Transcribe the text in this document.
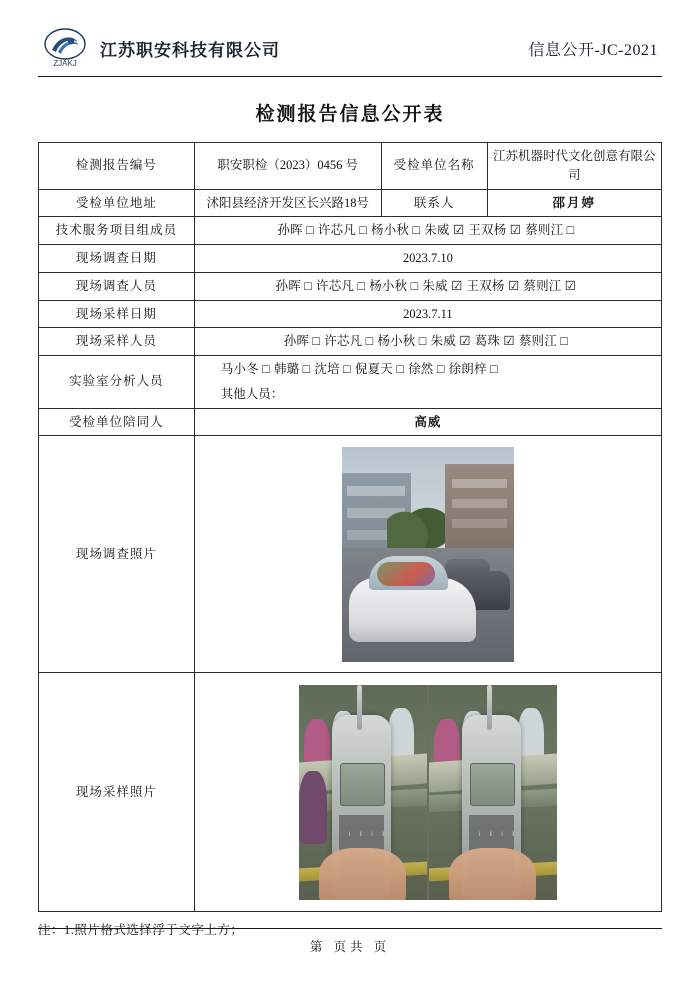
ZJAKJ
江苏职安科技有限公司	信息公开-JC-2021
检测报告信息公开表
检测报告编号	职安职检（2023）0456 号	受检单位名称	江苏机器时代文化创意有限公司
受检单位地址	沭阳县经济开发区长兴路18号	联系人	邵月婷
技术服务项目组成员	孙晖 □ 许芯凡 □ 杨小秋 □ 朱威 ☑ 王双杨 ☑ 蔡则江 □		
现场调查日期	2023.7.10		
现场调查人员	孙晖 □ 许芯凡 □ 杨小秋 □ 朱威 ☑ 王双杨 ☑ 蔡则江 ☑		
现场采样日期	2023.7.11		
现场采样人员	孙晖 □ 许芯凡 □ 杨小秋 □ 朱威 ☑ 葛珠 ☑ 蔡则江 □		
实验室分析人员	马小冬 □ 韩璐 □ 沈培 □ 倪夏天 □ 徐然 □ 徐朗梓 □
其他人员：		

受检单位陪同人	高威		
现场调查照片			

现场采样照片			
注：1.照片格式选择浮于文字上方；
第 页共 页
